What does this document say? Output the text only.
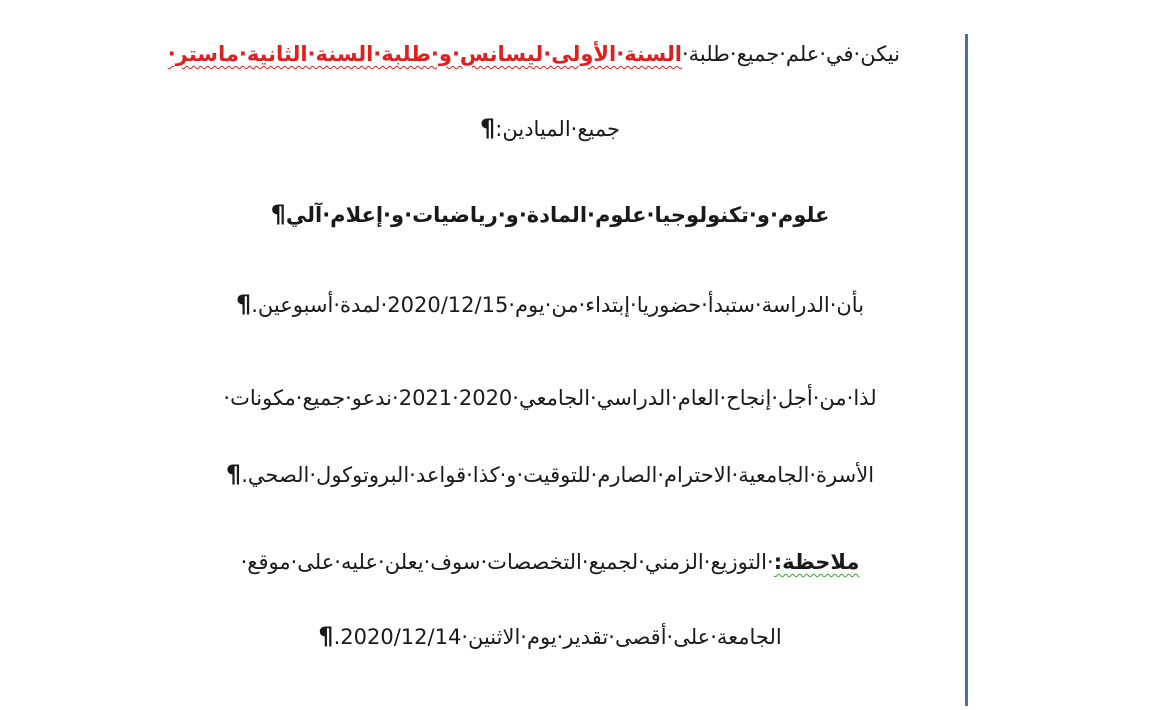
نيكن·في·علم·جميع·طلبة·السنة·الأولى·ليسانس·و·طلبة·السنة·الثانية·ماستر·
جميع·الميادين:¶
علوم·و·تكنولوجيا·علوم·المادة·و·رياضيات·و·إعلام·آلي¶
بأن·الدراسة·ستبدأ·حضوريا·إبتداء·من·يوم·2020/12/15·لمدة·أسبوعين.¶
لذا·من·أجل·إنجاح·العام·الدراسي·الجامعي·2020·2021·ندعو·جميع·مكونات·
الأسرة·الجامعية·الاحترام·الصارم·للتوقيت·و·كذا·قواعد·البروتوكول·الصحي.¶
ملاحظة:·التوزيع·الزمني·لجميع·التخصصات·سوف·يعلن·عليه·على·موقع·
الجامعة·على·أقصى·تقدير·يوم·الاثنين·2020/12/14.¶
